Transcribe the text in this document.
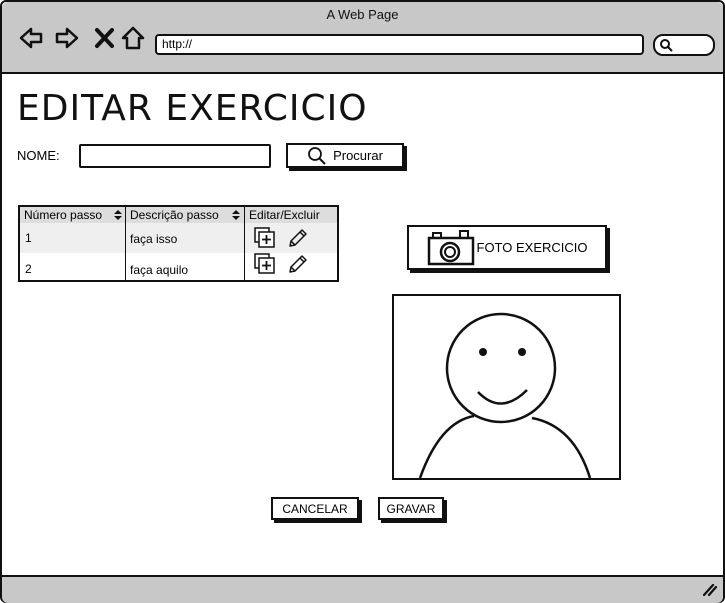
A Web Page
http://
EDITAR EXERCICIO
NOME:	Procurar
Número passo	Descrição passo	Editar/Excluir
1	faça isso
2	faça aquilo
FOTO EXERCICIO
CANCELAR	GRAVAR
